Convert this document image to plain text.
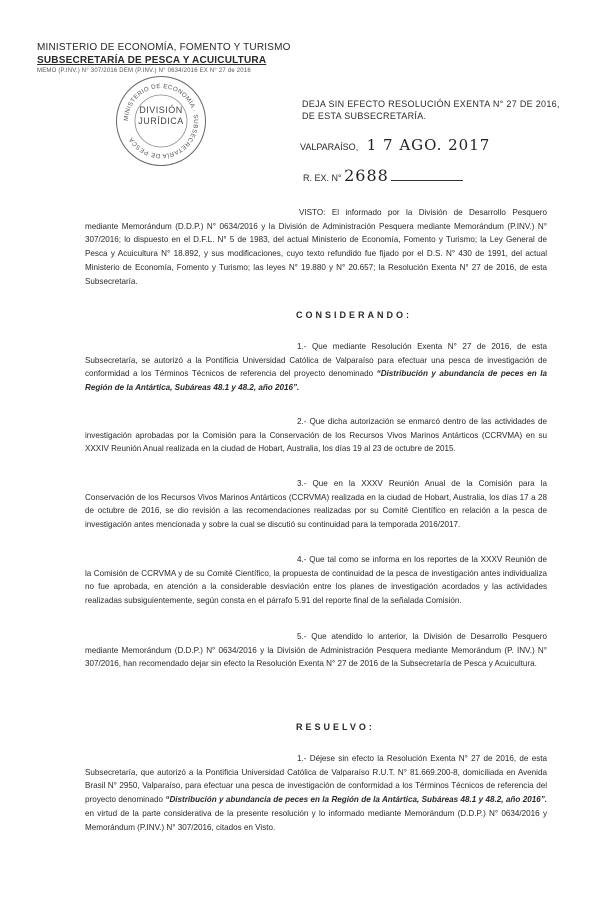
MINISTERIO DE ECONOMÍA, FOMENTO Y TURISMO
SUBSECRETARÍA DE PESCA Y ACUICULTURA
MEMO (P.INV.) N° 307/2016 DEM (P.INV.) N° 0634/2016 EX N° 27 de 2016
MINISTERIO DE ECONOMÍA · SUBSECRETARÍA DE PESCA
DIVISIÓN
JURÍDICA
DEJA SIN EFECTO RESOLUCIÓN EXENTA N° 27 DE 2016,
DE ESTA SUBSECRETARÍA.
VALPARAÍSO, 1 7 AGO. 2017
R. EX. N° 2688
VISTO: El informado por la División de Desarrollo Pesquero mediante Memorándum (D.D.P.) N° 0634/2016 y la División de Administración Pesquera mediante Memorándum (P.INV.) N° 307/2016; lo dispuesto en el D.F.L. N° 5 de 1983, del actual Ministerio de Economía, Fomento y Turismo; la Ley General de Pesca y Acuicultura N° 18.892, y sus modificaciones, cuyo texto refundido fue fijado por el D.S. N° 430 de 1991, del actual Ministerio de Economía, Fomento y Turismo; las leyes N° 19.880 y N° 20.657; la Resolución Exenta N° 27 de 2016, de esta Subsecretaría.
CONSIDERANDO:
1.- Que mediante Resolución Exenta N° 27 de 2016, de esta Subsecretaría, se autorizó a la Pontificia Universidad Católica de Valparaíso para efectuar una pesca de investigación de conformidad a los Términos Técnicos de referencia del proyecto denominado “Distribución y abundancia de peces en la Región de la Antártica, Subáreas 48.1 y 48.2, año 2016”.
2.- Que dicha autorización se enmarcó dentro de las actividades de investigación aprobadas por la Comisión para la Conservación de los Recursos Vivos Marinos Antárticos (CCRVMA) en su XXXIV Reunión Anual realizada en la ciudad de Hobart, Australia, los días 19 al 23 de octubre de 2015.
3.- Que en la XXXV Reunión Anual de la Comisión para la Conservación de los Recursos Vivos Marinos Antárticos (CCRVMA) realizada en la ciudad de Hobart, Australia, los días 17 a 28 de octubre de 2016, se dio revisión a las recomendaciones realizadas por su Comité Científico en relación a la pesca de investigación antes mencionada y sobre la cual se discutió su continuidad para la temporada 2016/2017.
4.- Que tal como se informa en los reportes de la XXXV Reunión de la Comisión de CCRVMA y de su Comité Científico, la propuesta de continuidad de la pesca de investigación antes individualiza no fue aprobada, en atención a la considerable desviación entre los planes de investigación acordados y las actividades realizadas subsiguientemente, según consta en el párrafo 5.91 del reporte final de la señalada Comisión.
5.- Que atendido lo anterior, la División de Desarrollo Pesquero mediante Memorándum (D.D.P.) N° 0634/2016 y la División de Administración Pesquera mediante Memorándum (P. INV.) N° 307/2016, han recomendado dejar sin efecto la Resolución Exenta N° 27 de 2016 de la Subsecretaría de Pesca y Acuicultura.
RESUELVO:
1.- Déjese sin efecto la Resolución Exenta N° 27 de 2016, de esta Subsecretaría, que autorizó a la Pontificia Universidad Católica de Valparaíso R.U.T. N° 81.669.200-8, domiciliada en Avenida Brasil N° 2950, Valparaíso, para efectuar una pesca de investigación de conformidad a los Términos Técnicos de referencia del proyecto denominado “Distribución y abundancia de peces en la Región de la Antártica, Subáreas 48.1 y 48.2, año 2016”. en virtud de la parte considerativa de la presente resolución y lo informado mediante Memorándum (D.D.P.) N° 0634/2016 y Memorándum (P.INV.) N° 307/2016, citados en Visto.
